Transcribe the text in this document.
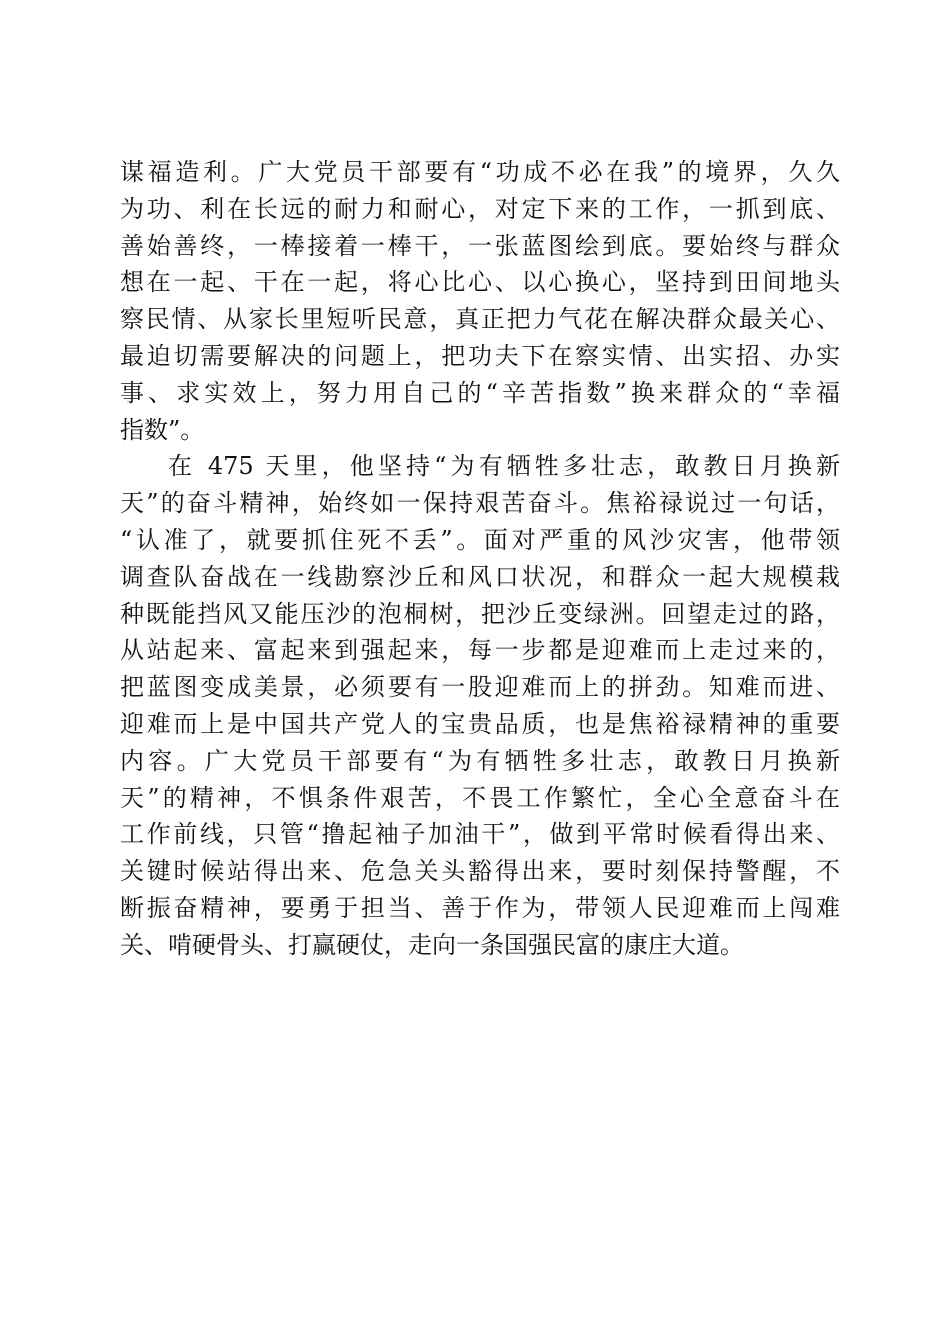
谋福造利。广大党员干部要有“功成不必在我”的境界，久久
为功、利在长远的耐力和耐心，对定下来的工作，一抓到底、
善始善终，一棒接着一棒干，一张蓝图绘到底。要始终与群众
想在一起、干在一起，将心比心、以心换心，坚持到田间地头
察民情、从家长里短听民意，真正把力气花在解决群众最关心、
最迫切需要解决的问题上，把功夫下在察实情、出实招、办实
事、求实效上，努力用自己的“辛苦指数”换来群众的“幸福
指数”。
在 475 天里，他坚持“为有牺牲多壮志，敢教日月换新
天”的奋斗精神，始终如一保持艰苦奋斗。焦裕禄说过一句话，
“认准了，就要抓住死不丢”。面对严重的风沙灾害，他带领
调查队奋战在一线勘察沙丘和风口状况，和群众一起大规模栽
种既能挡风又能压沙的泡桐树，把沙丘变绿洲。回望走过的路，
从站起来、富起来到强起来，每一步都是迎难而上走过来的，
把蓝图变成美景，必须要有一股迎难而上的拼劲。知难而进、
迎难而上是中国共产党人的宝贵品质，也是焦裕禄精神的重要
内容。广大党员干部要有“为有牺牲多壮志，敢教日月换新
天”的精神，不惧条件艰苦，不畏工作繁忙，全心全意奋斗在
工作前线，只管“撸起袖子加油干”，做到平常时候看得出来、
关键时候站得出来、危急关头豁得出来，要时刻保持警醒，不
断振奋精神，要勇于担当、善于作为，带领人民迎难而上闯难
关、啃硬骨头、打赢硬仗，走向一条国强民富的康庄大道。
